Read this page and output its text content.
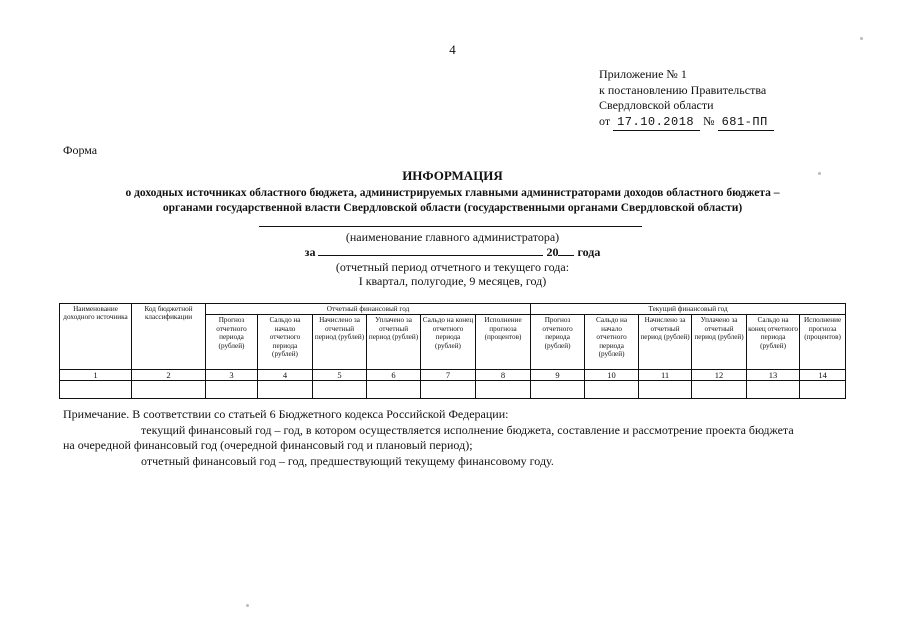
4
Приложение № 1
к постановлению Правительства
Свердловской области
от 17.10.2018 № 681-ПП
Форма
ИНФОРМАЦИЯ
о доходных источниках областного бюджета, администрируемых главными администраторами доходов областного бюджета –
органами государственной власти Свердловской области (государственными органами Свердловской области)
(наименование главного администратора)
за	20 года
(отчетный период отчетного и текущего года:
I квартал, полугодие, 9 месяцев, год)
Наименование доходного источника	Код бюджетной классификации	Отчетный финансовый год						Текущий финансовый год					
		Прогноз отчетного периода (рублей)	Сальдо на начало отчетного периода (рублей)	Начислено за отчетный период (рублей)	Уплачено за отчетный период (рублей)	Сальдо на конец отчетного периода (рублей)	Исполнение прогноза (процентов)	Прогноз отчетного периода (рублей)	Сальдо на начало отчетного периода (рублей)	Начислено за отчетный период (рублей)	Уплачено за отчетный период (рублей)	Сальдо на конец отчетного периода (рублей)	Исполнение прогноза (процентов)
1	2	3	4	5	6	7	8	9	10	11	12	13	14

Примечание. В соответствии со статьей 6 Бюджетного кодекса Российской Федерации:
текущий финансовый год – год, в котором осуществляется исполнение бюджета, составление и рассмотрение проекта бюджета
на очередной финансовый год (очередной финансовый год и плановый период);
отчетный финансовый год – год, предшествующий текущему финансовому году.
